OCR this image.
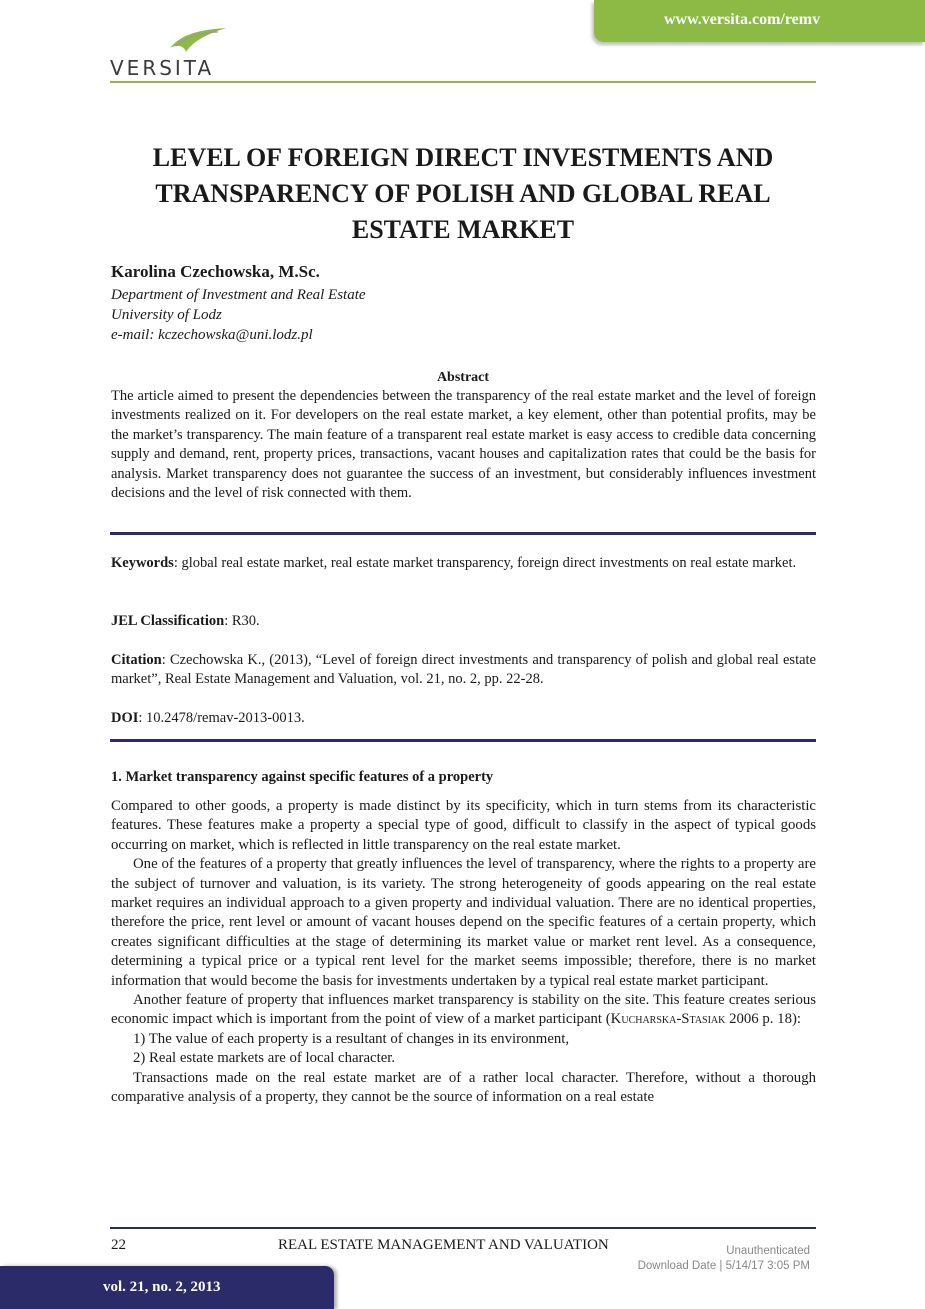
www.versita.com/remv
VERSITA
LEVEL OF FOREIGN DIRECT INVESTMENTS AND TRANSPARENCY OF POLISH AND GLOBAL REAL ESTATE MARKET
Karolina Czechowska, M.Sc.
Department of Investment and Real Estate
University of Lodz
e-mail: kczechowska@uni.lodz.pl
Abstract
The article aimed to present the dependencies between the transparency of the real estate market and the level of foreign investments realized on it. For developers on the real estate market, a key element, other than potential profits, may be the market’s transparency. The main feature of a transparent real estate market is easy access to credible data concerning supply and demand, rent, property prices, transactions, vacant houses and capitalization rates that could be the basis for analysis. Market transparency does not guarantee the success of an investment, but considerably influences investment decisions and the level of risk connected with them.
Keywords: global real estate market, real estate market transparency, foreign direct investments on real estate market.
JEL Classification: R30.
Citation: Czechowska K., (2013), “Level of foreign direct investments and transparency of polish and global real estate market”, Real Estate Management and Valuation, vol. 21, no. 2, pp. 22-28.
DOI: 10.2478/remav-2013-0013.
1. Market transparency against specific features of a property

Compared to other goods, a property is made distinct by its specificity, which in turn stems from its characteristic features. These features make a property a special type of good, difficult to classify in the aspect of typical goods occurring on market, which is reflected in little transparency on the real estate market.

One of the features of a property that greatly influences the level of transparency, where the rights to a property are the subject of turnover and valuation, is its variety. The strong heterogeneity of goods appearing on the real estate market requires an individual approach to a given property and individual valuation. There are no identical properties, therefore the price, rent level or amount of vacant houses depend on the specific features of a certain property, which creates significant difficulties at the stage of determining its market value or market rent level. As a consequence, determining a typical price or a typical rent level for the market seems impossible; therefore, there is no market information that would become the basis for investments undertaken by a typical real estate market participant.

Another feature of property that influences market transparency is stability on the site. This feature creates serious economic impact which is important from the point of view of a market participant (Kucharska-Stasiak 2006 p. 18):

1) The value of each property is a resultant of changes in its environment,
2) Real estate markets are of local character.

Transactions made on the real estate market are of a rather local character. Therefore, without a thorough comparative analysis of a property, they cannot be the source of information on a real estate

22	REAL ESTATE MANAGEMENT AND VALUATION	Unauthenticated
Download Date | 5/14/17 3:05 PM
vol. 21, no. 2, 2013
